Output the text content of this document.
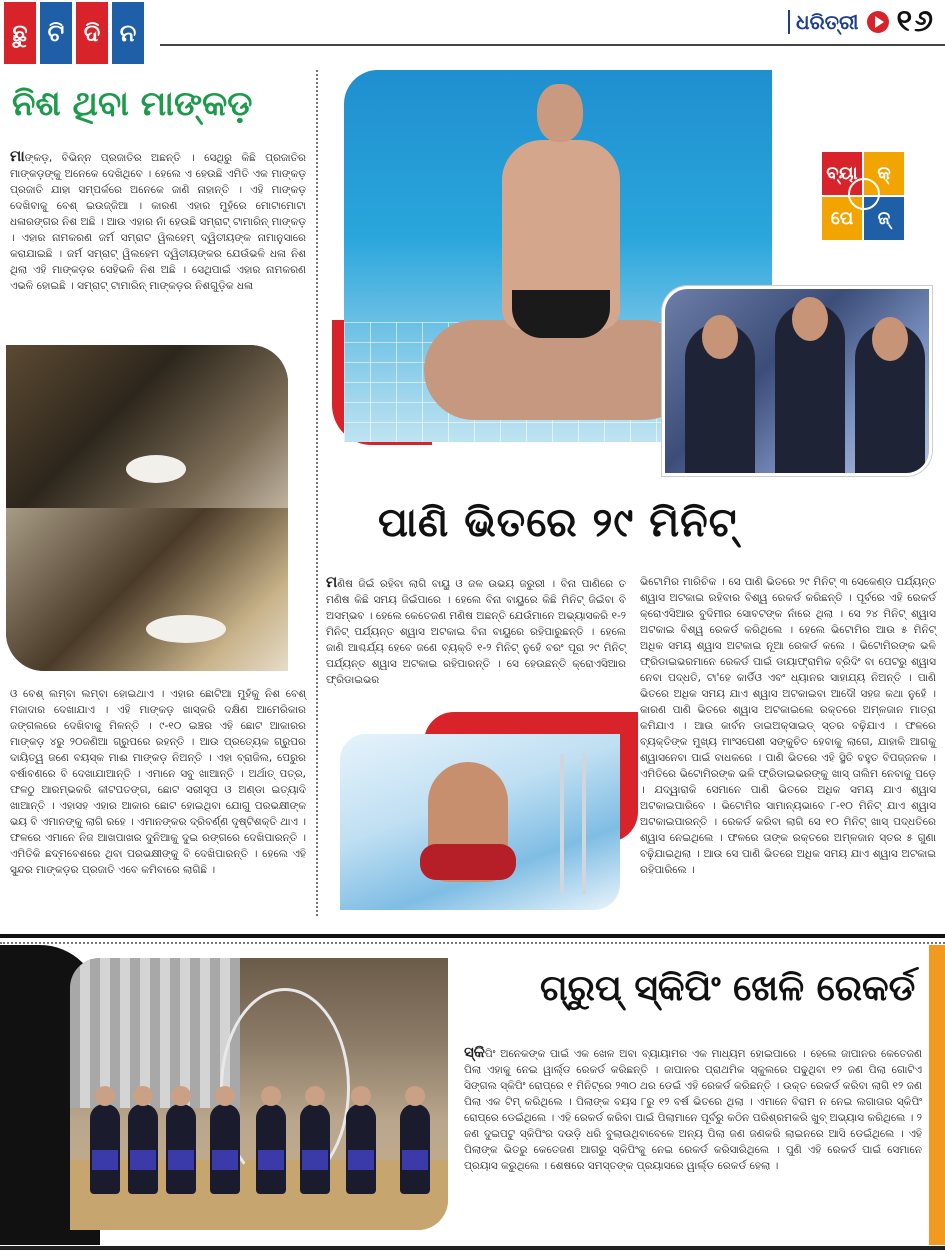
ଛୁ ଟି ଦି ନ	ଧରିତ୍ରୀ ୧୬
ନିଶ ଥିବା ମାଙ୍କଡ଼

ମାଙ୍କଡ଼, ବିଭିନ୍ନ ପ୍ରଜାତିର ଅଛନ୍ତି । ସେଥିରୁ କିଛି ପ୍ରଜାତିର ମାଙ୍କଡ଼ଙ୍କୁ ଅନେକେ ଦେଖିଥିବେ । ହେଲେ ଏ ହେଉଛି ଏମିତି ଏକ ମାଙ୍କଡ଼ ପ୍ରଜାତି ଯାହା ସମ୍ପର୍କରେ ଅନେକେ ଜାଣି ନାହାନ୍ତି । ଏହି ମାଙ୍କଡ଼ ଦେଖିବାକୁ ବେଶ୍ ଇଉଜ୍ଜିଆ । କାରଣ ଏହାର ମୁହଁରେ ମୋଟାମୋଟା ଧଳାରଙ୍ଗର ନିଶ ଅଛି । ଆଉ ଏହାର ନାଁ ହେଉଛି ସମ୍ରାଟ୍ ଟାମାରିନ୍ ମାଙ୍କଡ଼ । ଏହାର ନାମକରଣ ଜର୍ମ ସମ୍ରାଟ ୱିଲହେମ୍ ଦ୍ୱିତୀୟଙ୍କ ନାମାନୁସାରେ କରାଯାଇଛି । ଜର୍ମ ସମ୍ରାଟ୍ ୱିଲହେମ ଦ୍ୱିତୀୟଙ୍କର ଯେଉଁଭଳି ଧଳା ନିଶ ଥିଲା ଏହି ମାଙ୍କଡ଼ର ସେହିଭଳି ନିଶ ଅଛି । ସେଥିପାଇଁ ଏହାର ନାମକରଣ ଏଭଳି ହୋଇଛି । ସମ୍ରାଟ୍ ଟାମାରିନ୍ ମାଙ୍କଡ଼ର ନିଶଗୁଡ଼ିକ ଧଳା

ଓ ବେଶ୍ ଲମ୍ବା ଲମ୍ବା ହୋଇଥାଏ । ଏହାର ଛୋଟିଆ ମୁହଁକୁ ନିଶ ବେଶ୍ ମଜାଦାର ଦେଖାଯାଏ । ଏହି ମାଙ୍କଡ଼ ଖାସ୍‌କରି ଦକ୍ଷିଣ ଆମେରିକାର ଜଙ୍ଗଲରେ ଦେଖିବାକୁ ମିଳନ୍ତି । ୯-୧୦ ଇଞ୍ଚର ଏହି ଛୋଟ ଆକାରର ମାଙ୍କଡ଼ ୪ରୁ ୨୦ଜଣିଆ ଗ୍ରୁପରେ ରହନ୍ତି । ଆଉ ପ୍ରତ୍ୟେକ ଗ୍ରୁପର ଦାୟିତ୍ୱ ଜଣେ ବୟସ୍କ ମାଈ ମାଙ୍କଡ଼ ନିଅନ୍ତି । ଏହା ବ୍ରାଜିଲ, ପେରୁର ବର୍ଷାବଣରେ ବି ଦେଖାଯାଆନ୍ତି । ଏମାନେ ସବୁ ଖାଆନ୍ତି । ଅର୍ଥାତ୍ ପତ୍ର, ଫଳଠୁ ଆରମ୍ଭକରି କୀଟପତଙ୍ଗ, ଛୋଟ ସରୀସୃପ ଓ ଅଣ୍ଡା ଇତ୍ୟାଦି ଖାଆନ୍ତି । ଏହାସହ ଏହାର ଆକାର ଛୋଟ ହୋଇଥିବା ଯୋଗୁ ପରଭକ୍ଷୀଙ୍କ ଭୟ ବି ଏମାନଙ୍କୁ ଲାଗି ରହେ । ଏମାନଙ୍କର ଦ୍ରିବର୍ଣ୍ଣ ଦୃଷ୍ଟିଶକ୍ତି ଥାଏ । ଫଳରେ ଏମାନେ ନିଜ ଆଖପାଖର ଦୁନିଆକୁ ଦୁଇ ରଙ୍ଗରେ ଦେଖିପାରନ୍ତି । ଏମିତିକି ଛଦ୍ମବେଶରେ ଥିବା ପରଭକ୍ଷୀଙ୍କୁ ବି ଦେଖିପାରନ୍ତି । ହେଲେ ଏହି ସୁନ୍ଦର ମାଙ୍କଡ଼ର ପ୍ରଜାତି ଏବେ କମିବାରେ ଲାଗିଛି ।

ବ୍ୟା	କ୍
ପେ	ଜ୍
ପାଣି ଭିତରେ ୨୯ ମିନିଟ୍

ମଣିଷ ଜିଇଁ ରହିବା ଲାଗି ବାୟୁ ଓ ଜଳ ଉଭୟ ଜରୁରୀ । ବିନା ପାଣିରେ ତ ମଣିଷ କିଛି ସମୟ ଜିଇଁପାରେ । ହେଲେ ବିନା ବାୟୁରେ କିଛି ମିନିଟ୍ ଜିଇଁବା ବି ଅସମ୍ଭବ । ହେଲେ କେତେଜଣ ମଣିଷ ଅଛନ୍ତି ଯେଉଁମାନେ ଅଭ୍ୟାସକରି ୧-୨ ମିନିଟ୍ ପର୍ଯ୍ୟନ୍ତ ଶ୍ୱାସ ଅଟକାଇ ବିନା ବାୟୁରେ ରହିପାରୁଛନ୍ତି । ହେଲେ ଜାଣି ଆଶ୍ଚର୍ଯ୍ୟ ହେବେ ଜଣେ ବ୍ୟକ୍ତି ୧-୨ ମିନିଟ୍ ନୁହେଁ ବରଂ ପୂରା ୨୯ ମିନିଟ୍ ପର୍ଯ୍ୟନ୍ତ ଶ୍ୱାସ ଅଟକାଇ ରହିପାରନ୍ତି । ସେ ହେଉଛନ୍ତି କ୍ରୋଏସିଆର ଫ୍ରିଡାଇଭର

ଭିଟୋମିର ମାରିଚିକ । ସେ ପାଣି ଭିତରେ ୨୯ ମିନିଟ୍ ୩ ସେକେଣ୍ଡ ପର୍ଯ୍ୟନ୍ତ ଶ୍ୱାସ ଅଟକାଇ ରହିବାର ବିଶ୍ୱ ରେକର୍ଡ କରିଛନ୍ତି । ପୂର୍ବରେ ଏହି ରେକର୍ଡ କ୍ରୋଏସିଆର ବୁଦିମୀର ସୋବଟଙ୍କ ନାଁରେ ଥିଲା । ସେ ୨୪ ମିନିଟ୍ ଶ୍ୱାସ ଅଟକାଇ ବିଶ୍ୱ ରେକର୍ଡ କରିଥିଲେ । ହେଲେ ଭିଟୋମିର ଆଉ ୫ ମିନିଟ୍ ଅଧିକ ସମୟ ଶ୍ୱାସ ଅଟକାଇ ନୂଆ ରେକର୍ଡ କଲେ । ଭିଟୋମିରଙ୍କ ଭଳି ଫ୍ରିଡାଇଭରମାନେ ରେକର୍ଡ ପାଇଁ ଡାୟାଫ୍ରାମିକ ବ୍ରିଦିଂ ବା ପେଟରୁ ଶ୍ୱାସ ନେବା ପଦ୍ଧତି, ଟା'ହେ କାର୍ଡିଓ ଏବଂ ଧ୍ୟାନର ସାହାଯ୍ୟ ନିଅନ୍ତି । ପାଣି ଭିତରେ ଅଧିକ ସମୟ ଯାଏ ଶ୍ୱାସ ଅଟକାଇବା ଆଦୌ ସହଜ କଥା ନୁହେଁ । କାରଣ ପାଣି ଭିତରେ ଶ୍ୱାସ ଅଟକାଇଲେ ରକ୍ତରେ ଅମ୍ଳଜାନ ମାତ୍ରା କମିଯାଏ । ଆଉ କାର୍ବନ ଡାଇଅକ୍ସାଇଡ୍ ସ୍ତର ବଢ଼ିଯାଏ । ଫଳରେ ବ୍ୟକ୍ତିଙ୍କ ମୁଖ୍ୟ ମାଂସପେଶୀ ସଙ୍କୁଚିତ ହେବାକୁ ଲାଗେ, ଯାହାକି ଆଗକୁ ଶ୍ୱାସନେବା ପାଇଁ ବାଧକରେ । ପାଣି ଭିତରେ ଏହି ସ୍ଥିତି ବହୁତ ବିପଜ୍ଜନକ । ଏମିତିରେ ଭିଟୋମିରଙ୍କ ଭଳି ଫ୍ରିଡାଇଭରଙ୍କୁ ଖାସ୍ ତାଲିମ ନେବାକୁ ପଡ଼େ । ଯଦ୍ୱାରାକି ସେମାନେ ପାଣି ଭିତରେ ଅଧିକ ସମୟ ଯାଏ ଶ୍ୱାସ ଅଟକାଇପାରିବେ । ଭିଟୋମିର ସାମାନ୍ୟଭାବେ ୮-୧୦ ମିନିଟ୍ ଯାଏ ଶ୍ୱାସ ଅଟକାଇପାରନ୍ତି । ରେକର୍ଡ କରିବା ଲାଗି ସେ ୧୦ ମିନିଟ୍ ଖାସ୍ ପଦ୍ଧତିରେ ଶ୍ୱାସ ନେଇଥିଲେ । ଫଳରେ ତାଙ୍କ ରକ୍ତରେ ଅମ୍ଳଜାନ ସ୍ତର ୫ ଗୁଣା ବଢ଼ିଯାଇଥିଲା । ଆଉ ସେ ପାଣି ଭିତରେ ଅଧିକ ସମୟ ଯାଏ ଶ୍ୱାସ ଅଟକାଇ ରହିପାରିଲେ ।

ଗ୍ରୁପ୍ ସ୍କିପିଂ ଖେଳି ରେକର୍ଡ

ସ୍କିପିଂ ଅନେକଙ୍କ ପାଇଁ ଏକ ଖେଳ ଅବା ବ୍ୟାୟାମର ଏକ ମାଧ୍ୟମ ହୋଇପାରେ । ହେଲେ ଜାପାନର କେତେଜଣ ପିଲା ଏହାକୁ ନେଇ ୱାର୍ଲ୍ଡ ରେକର୍ଡ କରିଛନ୍ତି । ଜାପାନର ପ୍ରାଥମିକ ସ୍କୁଲରେ ପଢୁଥିବା ୧୨ ଜଣ ପିଲା ଗୋଟିଏ ସିଙ୍ଗଲ ସ୍କିପିଂ ରୋପ୍‌ରେ ୧ ମିନିଟ୍‌ରେ ୨୩୦ ଥର ଡେଇଁ ଏହି ରେକର୍ଡ କରିଛନ୍ତି । ଉକ୍ତ ରେକର୍ଡ କରିବା ଲାଗି ୧୨ ଜଣ ପିଲା ଏକ ଟିମ୍ କରିଥିଲେ । ପିଲାଙ୍କ ବୟସ ୮ରୁ ୧୨ ବର୍ଷ ଭିତରେ ଥିଲା । ଏମାନେ ବିରାମ ନ ନେଇ ଲଗାତାର ସ୍କିପିଂ ରୋପ୍‌ରେ ଡେଇଁଥିଲେ । ଏହି ରେକର୍ଡ କରିବା ପାଇଁ ପିଲାମାନେ ପୂର୍ବରୁ କଠିନ ପରିଶ୍ରମକରି ଖୁବ୍ ଅଭ୍ୟାସ କରିଥିଲେ । ୨ ଜଣ ଦୁଇପଟୁ ସ୍କିପିଂର ଦଉଡ଼ି ଧରି ବୁଲାଉଥିବାବେଳେ ଅନ୍ୟ ପିଲା ଜଣ ଜଣକରି ଲାଇନରେ ଆସି ଡେଇଁଥିଲେ । ଏହି ପିଲାଙ୍କ ଭିତରୁ କେତେଜଣ ଆଗରୁ ସ୍କିପିଂକୁ ନେଇ ରେକର୍ଡ କରିସାରିଥିଲେ । ପୁଣି ଏହି ରେକର୍ଡ ପାଇଁ ସେମାନେ ପ୍ରୟାସ କରୁଥିଲେ । ଶେଷରେ ସମସ୍ତଙ୍କ ପ୍ରୟାସରେ ୱାର୍ଲ୍ଡ ରେକର୍ଡ ହେଲା ।
